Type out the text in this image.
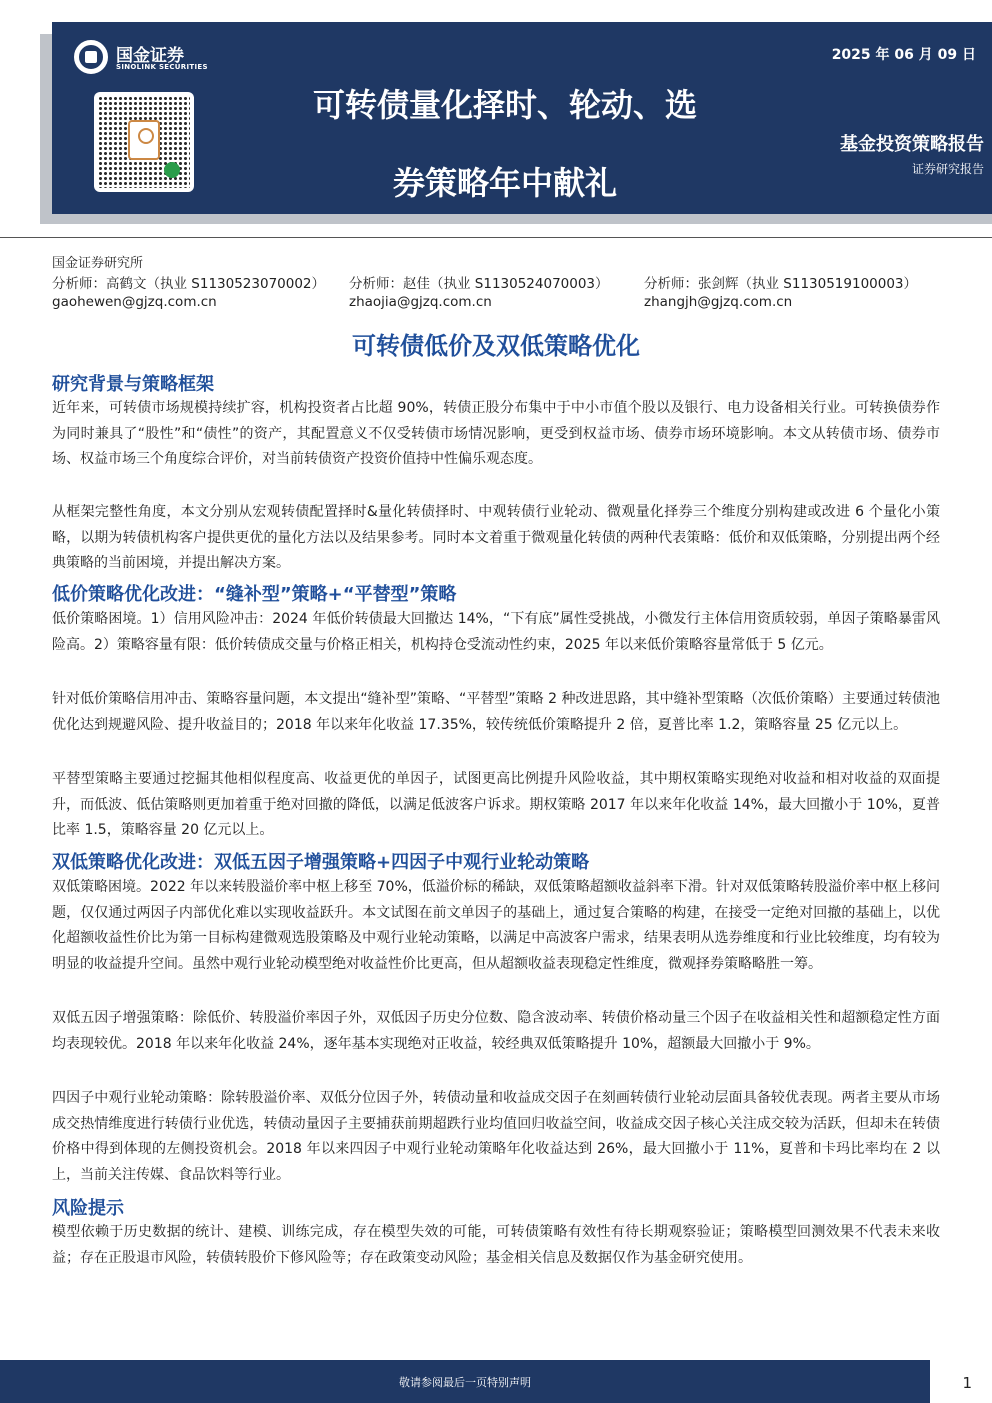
国金证券
SINOLINK SECURITIES
可转债量化择时、轮动、选
券策略年中献礼
2025 年 06 月 09 日
基金投资策略报告
证券研究报告
国金证券研究所
分析师：高鹤文（执业 S1130523070002） 分析师：赵佳（执业 S1130524070003）	分析师：张剑辉（执业 S1130519100003）
gaohewen@gjzq.com.cn	zhaojia@gjzq.com.cn	zhangjh@gjzq.com.cn
可转债低价及双低策略优化
研究背景与策略框架
近年来，可转债市场规模持续扩容，机构投资者占比超 90%，转债正股分布集中于中小市值个股以及银行、电力设备相关行业。可转换债券作为同时兼具了“股性”和“债性”的资产，其配置意义不仅受转债市场情况影响，更受到权益市场、债券市场环境影响。本文从转债市场、债券市场、权益市场三个角度综合评价，对当前转债资产投资价值持中性偏乐观态度。
从框架完整性角度，本文分别从宏观转债配置择时&量化转债择时、中观转债行业轮动、微观量化择券三个维度分别构建或改进 6 个量化小策略，以期为转债机构客户提供更优的量化方法以及结果参考。同时本文着重于微观量化转债的两种代表策略：低价和双低策略，分别提出两个经典策略的当前困境，并提出解决方案。
低价策略优化改进：“缝补型”策略+“平替型”策略
低价策略困境。1）信用风险冲击：2024 年低价转债最大回撤达 14%，“下有底”属性受挑战，小微发行主体信用资质较弱，单因子策略暴雷风险高。2）策略容量有限：低价转债成交量与价格正相关，机构持仓受流动性约束，2025 年以来低价策略容量常低于 5 亿元。
针对低价策略信用冲击、策略容量问题，本文提出“缝补型”策略、“平替型”策略 2 种改进思路，其中缝补型策略（次低价策略）主要通过转债池优化达到规避风险、提升收益目的；2018 年以来年化收益 17.35%，较传统低价策略提升 2 倍，夏普比率 1.2，策略容量 25 亿元以上。
平替型策略主要通过挖掘其他相似程度高、收益更优的单因子，试图更高比例提升风险收益，其中期权策略实现绝对收益和相对收益的双面提升，而低波、低估策略则更加着重于绝对回撤的降低，以满足低波客户诉求。期权策略 2017 年以来年化收益 14%，最大回撤小于 10%，夏普比率 1.5，策略容量 20 亿元以上。
双低策略优化改进：双低五因子增强策略+四因子中观行业轮动策略
双低策略困境。2022 年以来转股溢价率中枢上移至 70%，低溢价标的稀缺，双低策略超额收益斜率下滑。针对双低策略转股溢价率中枢上移问题，仅仅通过两因子内部优化难以实现收益跃升。本文试图在前文单因子的基础上，通过复合策略的构建，在接受一定绝对回撤的基础上，以优化超额收益性价比为第一目标构建微观选股策略及中观行业轮动策略，以满足中高波客户需求，结果表明从选券维度和行业比较维度，均有较为明显的收益提升空间。虽然中观行业轮动模型绝对收益性价比更高，但从超额收益表现稳定性维度，微观择券策略略胜一筹。
双低五因子增强策略：除低价、转股溢价率因子外，双低因子历史分位数、隐含波动率、转债价格动量三个因子在收益相关性和超额稳定性方面均表现较优。2018 年以来年化收益 24%，逐年基本实现绝对正收益，较经典双低策略提升 10%，超额最大回撤小于 9%。
四因子中观行业轮动策略：除转股溢价率、双低分位因子外，转债动量和收益成交因子在刻画转债行业轮动层面具备较优表现。两者主要从市场成交热情维度进行转债行业优选，转债动量因子主要捕获前期超跌行业均值回归收益空间，收益成交因子核心关注成交较为活跃，但却未在转债价格中得到体现的左侧投资机会。2018 年以来四因子中观行业轮动策略年化收益达到 26%，最大回撤小于 11%，夏普和卡玛比率均在 2 以上，当前关注传媒、食品饮料等行业。
风险提示
模型依赖于历史数据的统计、建模、训练完成，存在模型失效的可能，可转债策略有效性有待长期观察验证；策略模型回测效果不代表未来收益；存在正股退市风险，转债转股价下修风险等；存在政策变动风险；基金相关信息及数据仅作为基金研究使用。
敬请参阅最后一页特别声明	1
